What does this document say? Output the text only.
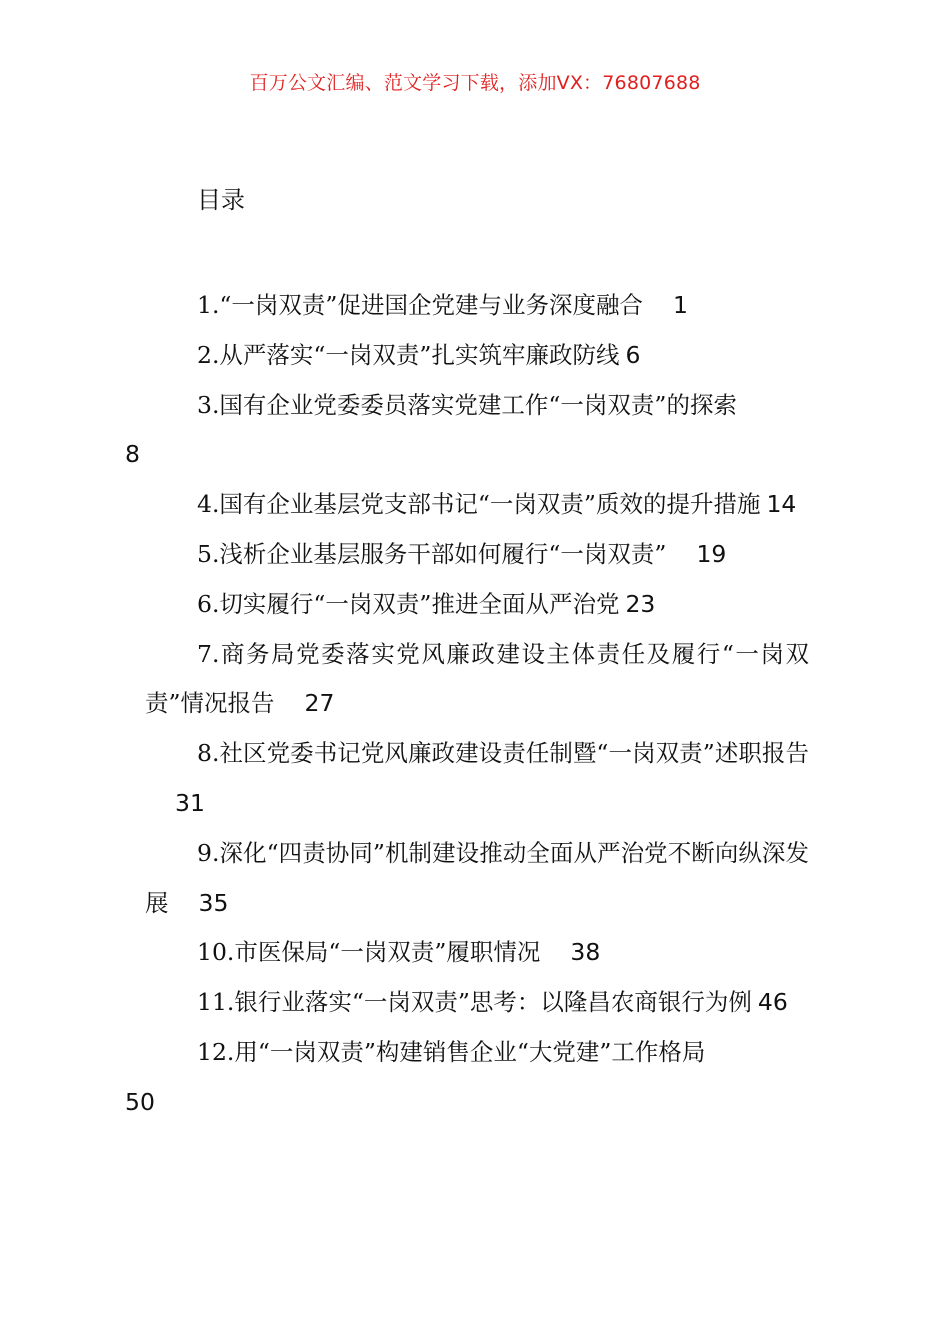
百万公文汇编、范文学习下载，添加VX：76807688
目录
1.“一岗双责”促进国企党建与业务深度融合 1
2.从严落实“一岗双责”扎实筑牢廉政防线 6
3.国有企业党委委员落实党建工作“一岗双责”的探索
8
4.国有企业基层党支部书记“一岗双责”质效的提升措施 14
5.浅析企业基层服务干部如何履行“一岗双责” 19
6.切实履行“一岗双责”推进全面从严治党 23
7.商务局党委落实党风廉政建设主体责任及履行“一岗双责”情况报告 27
8.社区党委书记党风廉政建设责任制暨“一岗双责”述职报告31
9.深化“四责协同”机制建设推动全面从严治党不断向纵深发展 35
10.市医保局“一岗双责”履职情况 38
11.银行业落实“一岗双责”思考：以隆昌农商银行为例 46
12.用“一岗双责”构建销售企业“大党建”工作格局
50
